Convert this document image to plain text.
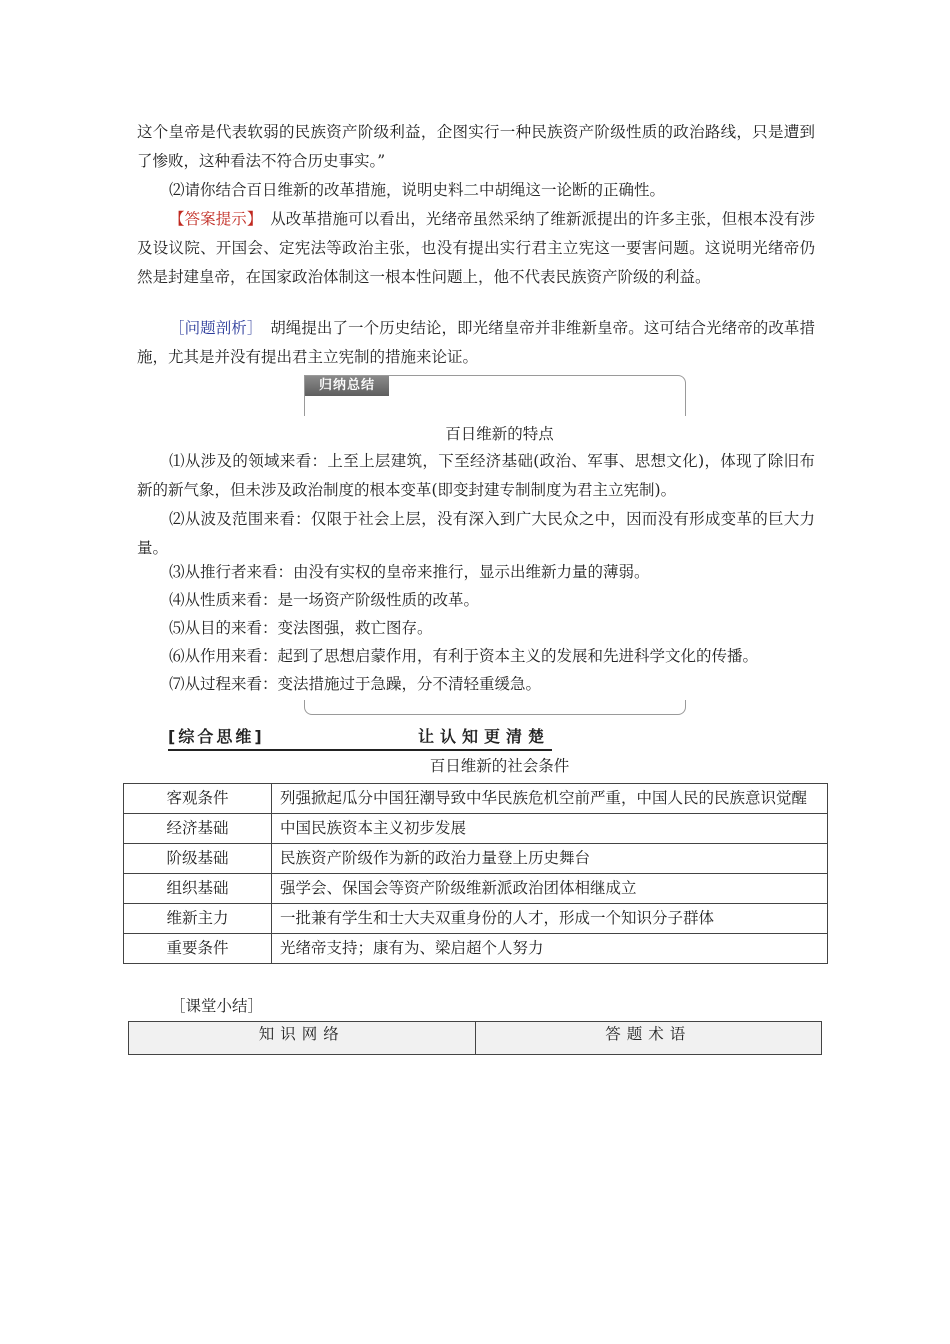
这个皇帝是代表软弱的民族资产阶级利益，企图实行一种民族资产阶级性质的政治路线，只是遭到了惨败，这种看法不符合历史事实。”

⑵请你结合百日维新的改革措施，说明史料二中胡绳这一论断的正确性。

【答案提示】　从改革措施可以看出，光绪帝虽然采纳了维新派提出的许多主张，但根本没有涉及设议院、开国会、定宪法等政治主张，也没有提出实行君主立宪这一要害问题。这说明光绪帝仍然是封建皇帝，在国家政治体制这一根本性问题上，他不代表民族资产阶级的利益。

［问题剖析］　胡绳提出了一个历史结论，即光绪皇帝并非维新皇帝。这可结合光绪帝的改革措施，尤其是并没有提出君主立宪制的措施来论证。

归纳总结

百日维新的特点

⑴从涉及的领域来看：上至上层建筑，下至经济基础(政治、军事、思想文化)，体现了除旧布新的新气象，但未涉及政治制度的根本变革(即变封建专制制度为君主立宪制)。

⑵从波及范围来看：仅限于社会上层，没有深入到广大民众之中，因而没有形成变革的巨大力量。

⑶从推行者来看：由没有实权的皇帝来推行，显示出维新力量的薄弱。

⑷从性质来看：是一场资产阶级性质的改革。

⑸从目的来看：变法图强，救亡图存。

⑹从作用来看：起到了思想启蒙作用，有利于资本主义的发展和先进科学文化的传播。

⑺从过程来看：变法措施过于急躁，分不清轻重缓急。

[综合思维]	让认知更清楚

百日维新的社会条件

客观条件	列强掀起瓜分中国狂潮导致中华民族危机空前严重，中国人民的民族意识觉醒
经济基础	中国民族资本主义初步发展
阶级基础	民族资产阶级作为新的政治力量登上历史舞台
组织基础	强学会、保国会等资产阶级维新派政治团体相继成立
维新主力	一批兼有学生和士大夫双重身份的人才，形成一个知识分子群体
重要条件	光绪帝支持；康有为、梁启超个人努力

［课堂小结］

知识网络	答题术语
